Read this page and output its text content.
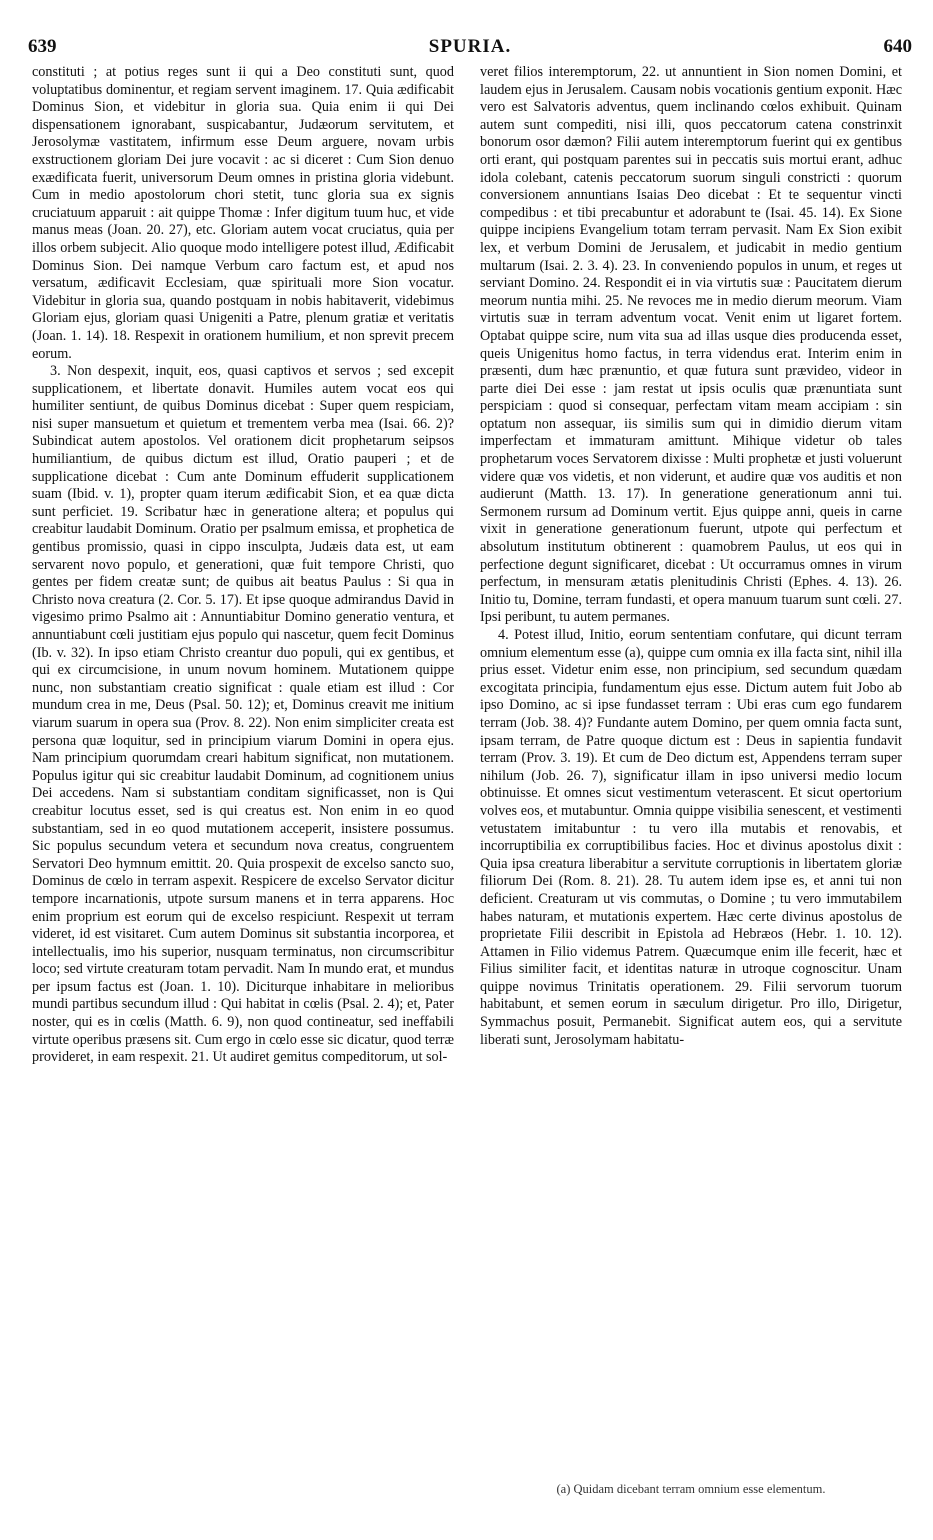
639	SPURIA.	640

constituti ; at potius reges sunt ii qui a Deo constituti sunt, quod voluptatibus dominentur, et regiam servent imaginem. 17. Quia ædificabit Dominus Sion, et videbitur in gloria sua. Quia enim ii qui Dei dispensationem ignorabant, suspicabantur, Judæorum servitutem, et Jerosolymæ vastitatem, infirmum esse Deum arguere, novam urbis exstructionem gloriam Dei jure vocavit : ac si diceret : Cum Sion denuo exædificata fuerit, universorum Deum omnes in pristina gloria videbunt. Cum in medio apostolorum chori stetit, tunc gloria sua ex signis cruciatuum apparuit : ait quippe Thomæ : Infer digitum tuum huc, et vide manus meas (Joan. 20. 27), etc. Gloriam autem vocat cruciatus, quia per illos orbem subjecit. Alio quoque modo intelligere potest illud, Ædificabit Dominus Sion. Dei namque Verbum caro factum est, et apud nos versatum, ædificavit Ecclesiam, quæ spirituali more Sion vocatur. Videbitur in gloria sua, quando postquam in nobis habitaverit, videbimus Gloriam ejus, gloriam quasi Unigeniti a Patre, plenum gratiæ et veritatis (Joan. 1. 14). 18. Respexit in orationem humilium, et non sprevit precem eorum.

3. Non despexit, inquit, eos, quasi captivos et servos ; sed excepit supplicationem, et libertate donavit. Humiles autem vocat eos qui humiliter sentiunt, de quibus Dominus dicebat : Super quem respiciam, nisi super mansuetum et quietum et trementem verba mea (Isai. 66. 2)? Subindicat autem apostolos. Vel orationem dicit prophetarum seipsos humiliantium, de quibus dictum est illud, Oratio pauperi ; et de supplicatione dicebat : Cum ante Dominum effuderit supplicationem suam (Ibid. v. 1), propter quam iterum ædificabit Sion, et ea quæ dicta sunt perficiet. 19. Scribatur hæc in generatione altera; et populus qui creabitur laudabit Dominum. Oratio per psalmum emissa, et prophetica de gentibus promissio, quasi in cippo insculpta, Judæis data est, ut eam servarent novo populo, et generationi, quæ fuit tempore Christi, quo gentes per fidem creatæ sunt; de quibus ait beatus Paulus : Si qua in Christo nova creatura (2. Cor. 5. 17). Et ipse quoque admirandus David in vigesimo primo Psalmo ait : Annuntiabitur Domino generatio ventura, et annuntiabunt cœli justitiam ejus populo qui nascetur, quem fecit Dominus (Ib. v. 32). In ipso etiam Christo creantur duo populi, qui ex gentibus, et qui ex circumcisione, in unum novum hominem. Mutationem quippe nunc, non substantiam creatio significat : quale etiam est illud : Cor mundum crea in me, Deus (Psal. 50. 12); et, Dominus creavit me initium viarum suarum in opera sua (Prov. 8. 22). Non enim simpliciter creata est persona quæ loquitur, sed in principium viarum Domini in opera ejus. Nam principium quorumdam creari habitum significat, non mutationem. Populus igitur qui sic creabitur laudabit Dominum, ad cognitionem unius Dei accedens. Nam si substantiam conditam significasset, non is Qui creabitur locutus esset, sed is qui creatus est. Non enim in eo quod substantiam, sed in eo quod mutationem acceperit, insistere possumus. Sic populus secundum vetera et secundum nova creatus, congruentem Servatori Deo hymnum emittit. 20. Quia prospexit de excelso sancto suo, Dominus de cœlo in terram aspexit. Respicere de excelso Servator dicitur tempore incarnationis, utpote sursum manens et in terra apparens. Hoc enim proprium est eorum qui de excelso respiciunt. Respexit ut terram videret, id est visitaret. Cum autem Dominus sit substantia incorporea, et intellectualis, imo his superior, nusquam terminatus, non circumscribitur loco; sed virtute creaturam totam pervadit. Nam In mundo erat, et mundus per ipsum factus est (Joan. 1. 10). Diciturque inhabitare in melioribus mundi partibus secundum illud : Qui habitat in cœlis (Psal. 2. 4); et, Pater noster, qui es in cœlis (Matth. 6. 9), non quod contineatur, sed ineffabili virtute operibus præsens sit. Cum ergo in cœlo esse sic dicatur, quod terræ provideret, in eam respexit. 21. Ut audiret gemitus compeditorum, ut sol-

veret filios interemptorum, 22. ut annuntient in Sion nomen Domini, et laudem ejus in Jerusalem. Causam nobis vocationis gentium exponit. Hæc vero est Salvatoris adventus, quem inclinando cœlos exhibuit. Quinam autem sunt compediti, nisi illi, quos peccatorum catena constrinxit bonorum osor dæmon? Filii autem interemptorum fuerint qui ex gentibus orti erant, qui postquam parentes sui in peccatis suis mortui erant, adhuc idola colebant, catenis peccatorum suorum singuli constricti : quorum conversionem annuntians Isaias Deo dicebat : Et te sequentur vincti compedibus : et tibi precabuntur et adorabunt te (Isai. 45. 14). Ex Sione quippe incipiens Evangelium totam terram pervasit. Nam Ex Sion exibit lex, et verbum Domini de Jerusalem, et judicabit in medio gentium multarum (Isai. 2. 3. 4). 23. In conveniendo populos in unum, et reges ut serviant Domino. 24. Respondit ei in via virtutis suæ : Paucitatem dierum meorum nuntia mihi. 25. Ne revoces me in medio dierum meorum. Viam virtutis suæ in terram adventum vocat. Venit enim ut ligaret fortem. Optabat quippe scire, num vita sua ad illas usque dies producenda esset, queis Unigenitus homo factus, in terra videndus erat. Interim enim in præsenti, dum hæc prænuntio, et quæ futura sunt prævideo, videor in parte diei Dei esse : jam restat ut ipsis oculis quæ prænuntiata sunt perspiciam : quod si consequar, perfectam vitam meam accipiam : sin optatum non assequar, iis similis sum qui in dimidio dierum vitam imperfectam et immaturam amittunt. Mihique videtur ob tales prophetarum voces Servatorem dixisse : Multi prophetæ et justi voluerunt videre quæ vos videtis, et non viderunt, et audire quæ vos auditis et non audierunt (Matth. 13. 17). In generatione generationum anni tui. Sermonem rursum ad Dominum vertit. Ejus quippe anni, queis in carne vixit in generatione generationum fuerunt, utpote qui perfectum et absolutum institutum obtinerent : quamobrem Paulus, ut eos qui in perfectione degunt significaret, dicebat : Ut occurramus omnes in virum perfectum, in mensuram ætatis plenitudinis Christi (Ephes. 4. 13). 26. Initio tu, Domine, terram fundasti, et opera manuum tuarum sunt cœli. 27. Ipsi peribunt, tu autem permanes.

4. Potest illud, Initio, eorum sententiam confutare, qui dicunt terram omnium elementum esse (a), quippe cum omnia ex illa facta sint, nihil illa prius esset. Videtur enim esse, non principium, sed secundum quædam excogitata principia, fundamentum ejus esse. Dictum autem fuit Jobo ab ipso Domino, ac si ipse fundasset terram : Ubi eras cum ego fundarem terram (Job. 38. 4)? Fundante autem Domino, per quem omnia facta sunt, ipsam terram, de Patre quoque dictum est : Deus in sapientia fundavit terram (Prov. 3. 19). Et cum de Deo dictum est, Appendens terram super nihilum (Job. 26. 7), significatur illam in ipso universi medio locum obtinuisse. Et omnes sicut vestimentum veterascent. Et sicut opertorium volves eos, et mutabuntur. Omnia quippe visibilia senescent, et vestimenti vetustatem imitabuntur : tu vero illa mutabis et renovabis, et incorruptibilia ex corruptibilibus facies. Hoc et divinus apostolus dixit : Quia ipsa creatura liberabitur a servitute corruptionis in libertatem gloriæ filiorum Dei (Rom. 8. 21). 28. Tu autem idem ipse es, et anni tui non deficient. Creaturam ut vis commutas, o Domine ; tu vero immutabilem habes naturam, et mutationis expertem. Hæc certe divinus apostolus de proprietate Filii describit in Epistola ad Hebræos (Hebr. 1. 10. 12). Attamen in Filio videmus Patrem. Quæcumque enim ille fecerit, hæc et Filius similiter facit, et identitas naturæ in utroque cognoscitur. Unam quippe novimus Trinitatis operationem. 29. Filii servorum tuorum habitabunt, et semen eorum in sæculum dirigetur. Pro illo, Dirigetur, Symmachus posuit, Permanebit. Significat autem eos, qui a servitute liberati sunt, Jerosolymam habitatu-

(a) Quidam dicebant terram omnium esse elementum.
